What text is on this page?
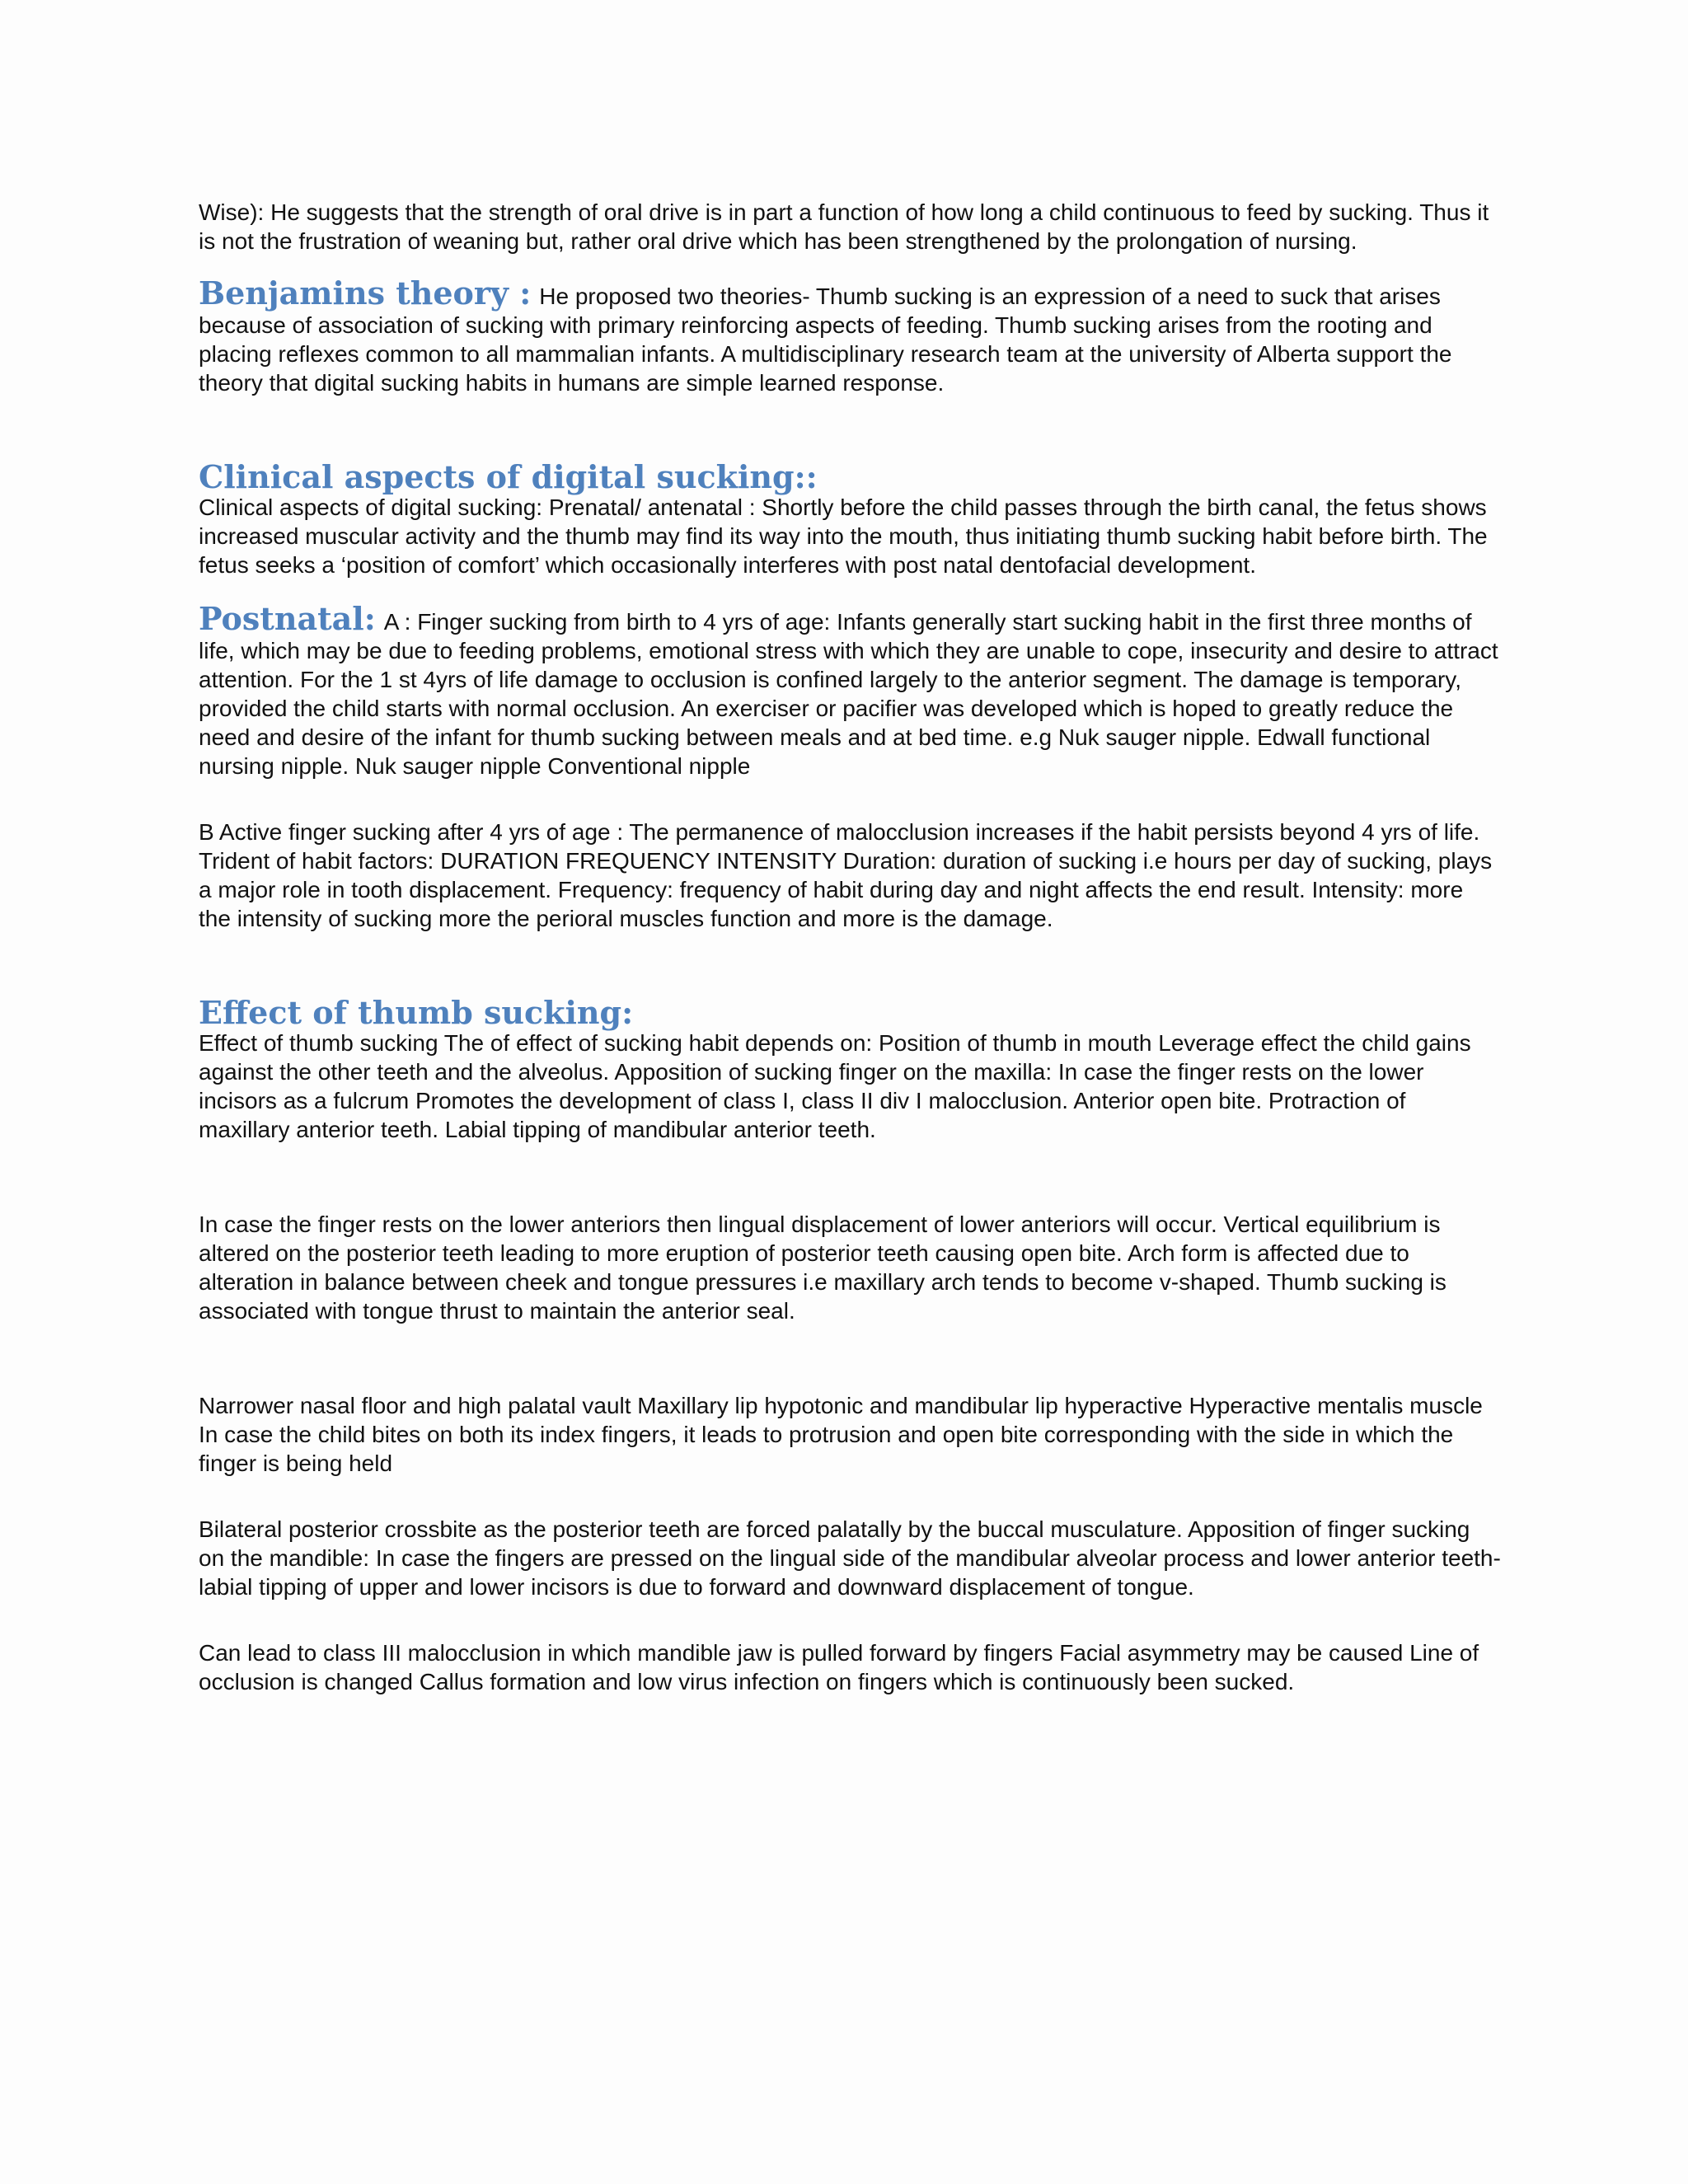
Wise): He suggests that the strength of oral drive is in part a function of how long a child continuous to feed by sucking. Thus it is not the frustration of weaning but, rather oral drive which has been strengthened by the prolongation of nursing.

Benjamins theory : He proposed two theories- Thumb sucking is an expression of a need to suck that arises because of association of sucking with primary reinforcing aspects of feeding. Thumb sucking arises from the rooting and placing reflexes common to all mammalian infants. A multidisciplinary research team at the university of Alberta support the theory that digital sucking habits in humans are simple learned response.

Clinical aspects of digital sucking::

Clinical aspects of digital sucking: Prenatal/ antenatal : Shortly before the child passes through the birth canal, the fetus shows increased muscular activity and the thumb may find its way into the mouth, thus initiating thumb sucking habit before birth. The fetus seeks a ‘position of comfort’ which occasionally interferes with post natal dentofacial development.

Postnatal: A : Finger sucking from birth to 4 yrs of age: Infants generally start sucking habit in the first three months of life, which may be due to feeding problems, emotional stress with which they are unable to cope, insecurity and desire to attract attention. For the 1 st 4yrs of life damage to occlusion is confined largely to the anterior segment. The damage is temporary, provided the child starts with normal occlusion. An exerciser or pacifier was developed which is hoped to greatly reduce the need and desire of the infant for thumb sucking between meals and at bed time. e.g Nuk sauger nipple. Edwall functional nursing nipple. Nuk sauger nipple Conventional nipple

B Active finger sucking after 4 yrs of age : The permanence of malocclusion increases if the habit persists beyond 4 yrs of life. Trident of habit factors: DURATION FREQUENCY INTENSITY Duration: duration of sucking i.e hours per day of sucking, plays a major role in tooth displacement. Frequency: frequency of habit during day and night affects the end result. Intensity: more the intensity of sucking more the perioral muscles function and more is the damage.

Effect of thumb sucking:

Effect of thumb sucking The of effect of sucking habit depends on: Position of thumb in mouth Leverage effect the child gains against the other teeth and the alveolus. Apposition of sucking finger on the maxilla: In case the finger rests on the lower incisors as a fulcrum Promotes the development of class I, class II div I malocclusion. Anterior open bite. Protraction of maxillary anterior teeth. Labial tipping of mandibular anterior teeth.

In case the finger rests on the lower anteriors then lingual displacement of lower anteriors will occur. Vertical equilibrium is altered on the posterior teeth leading to more eruption of posterior teeth causing open bite. Arch form is affected due to alteration in balance between cheek and tongue pressures i.e maxillary arch tends to become v-shaped. Thumb sucking is associated with tongue thrust to maintain the anterior seal.

Narrower nasal floor and high palatal vault Maxillary lip hypotonic and mandibular lip hyperactive Hyperactive mentalis muscle In case the child bites on both its index fingers, it leads to protrusion and open bite corresponding with the side in which the finger is being held

Bilateral posterior crossbite as the posterior teeth are forced palatally by the buccal musculature. Apposition of finger sucking on the mandible: In case the fingers are pressed on the lingual side of the mandibular alveolar process and lower anterior teeth- labial tipping of upper and lower incisors is due to forward and downward displacement of tongue.

Can lead to class III malocclusion in which mandible jaw is pulled forward by fingers Facial asymmetry may be caused Line of occlusion is changed Callus formation and low virus infection on fingers which is continuously been sucked.
